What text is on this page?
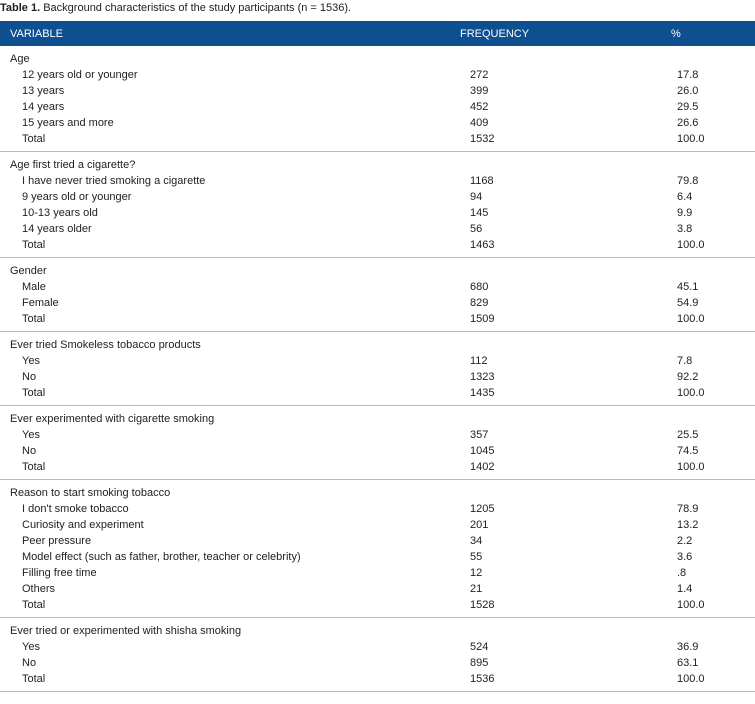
Table 1. Background characteristics of the study participants (n = 1536).
VARIABLE	FREQUENCY	%
Age
12 years old or younger	272	17.8
13 years	399	26.0
14 years	452	29.5
15 years and more	409	26.6
Total	1532	100.0
Age first tried a cigarette?
I have never tried smoking a cigarette	1168	79.8
9 years old or younger	94	6.4
10-13 years old	145	9.9
14 years older	56	3.8
Total	1463	100.0
Gender
Male	680	45.1
Female	829	54.9
Total	1509	100.0
Ever tried Smokeless tobacco products
Yes	112	7.8
No	1323	92.2
Total	1435	100.0
Ever experimented with cigarette smoking
Yes	357	25.5
No	1045	74.5
Total	1402	100.0
Reason to start smoking tobacco
I don't smoke tobacco	1205	78.9
Curiosity and experiment	201	13.2
Peer pressure	34	2.2
Model effect (such as father, brother, teacher or celebrity)	55	3.6
Filling free time	12	.8
Others	21	1.4
Total	1528	100.0
Ever tried or experimented with shisha smoking
Yes	524	36.9
No	895	63.1
Total	1536	100.0
